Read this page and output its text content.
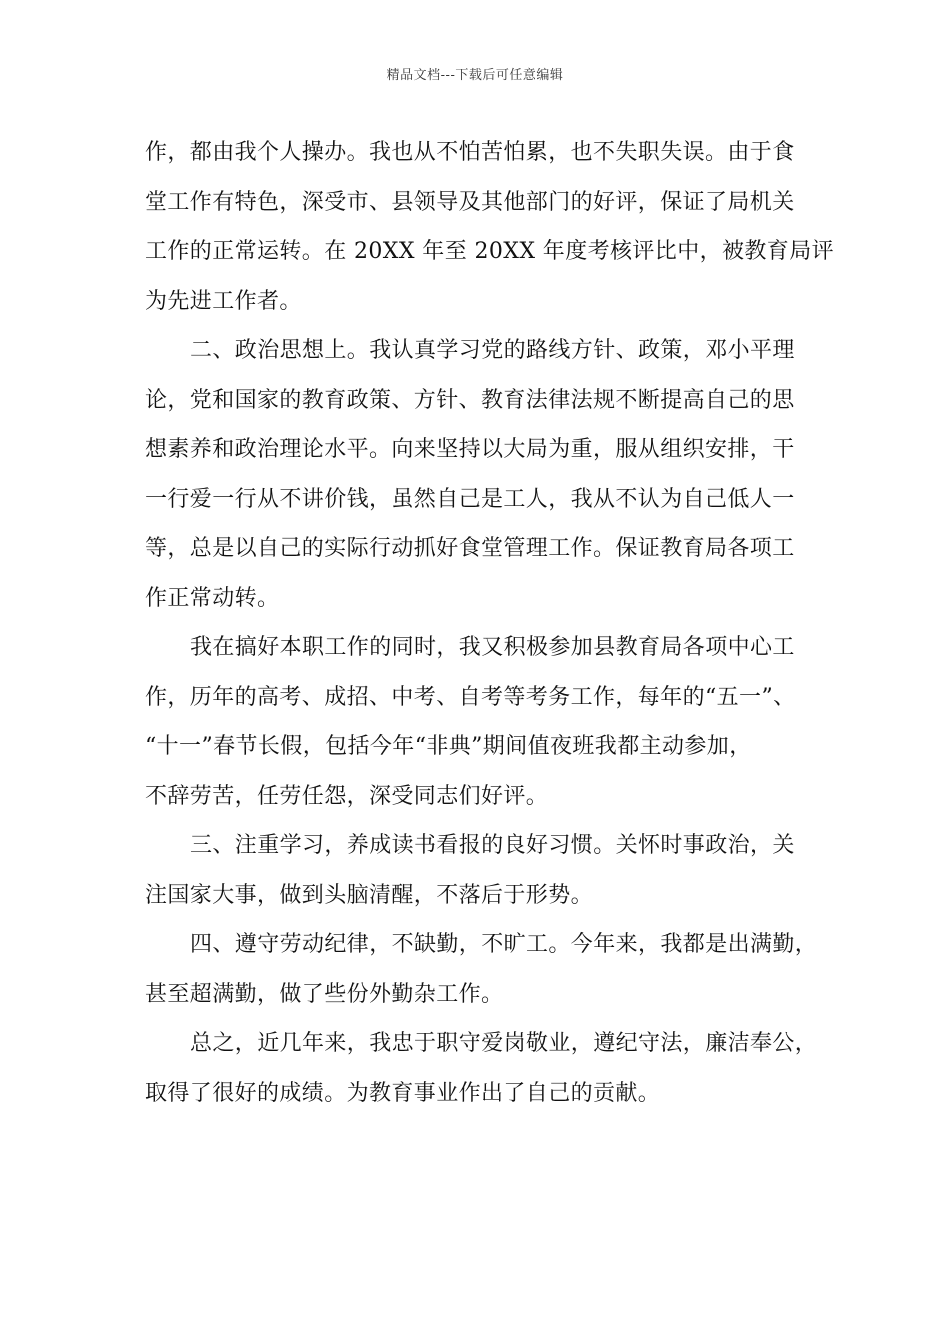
精品文档---下载后可任意编辑
作，都由我个人操办。我也从不怕苦怕累，也不失职失误。由于食
堂工作有特色，深受市、县领导及其他部门的好评，保证了局机关
工作的正常运转。在 20XX 年至 20XX 年度考核评比中，被教育局评
为先进工作者。
二、政治思想上。我认真学习党的路线方针、政策，邓小平理
论，党和国家的教育政策、方针、教育法律法规不断提高自己的思
想素养和政治理论水平。向来坚持以大局为重，服从组织安排，干
一行爱一行从不讲价钱，虽然自己是工人，我从不认为自己低人一
等，总是以自己的实际行动抓好食堂管理工作。保证教育局各项工
作正常动转。
我在搞好本职工作的同时，我又积极参加县教育局各项中心工
作，历年的高考、成招、中考、自考等考务工作，每年的“五一”、
“十一”春节长假，包括今年“非典”期间值夜班我都主动参加，
不辞劳苦，任劳任怨，深受同志们好评。
三、注重学习，养成读书看报的良好习惯。关怀时事政治，关
注国家大事，做到头脑清醒，不落后于形势。
四、遵守劳动纪律，不缺勤，不旷工。今年来，我都是出满勤，
甚至超满勤，做了些份外勤杂工作。
总之，近几年来，我忠于职守爱岗敬业，遵纪守法，廉洁奉公，
取得了很好的成绩。为教育事业作出了自己的贡献。
